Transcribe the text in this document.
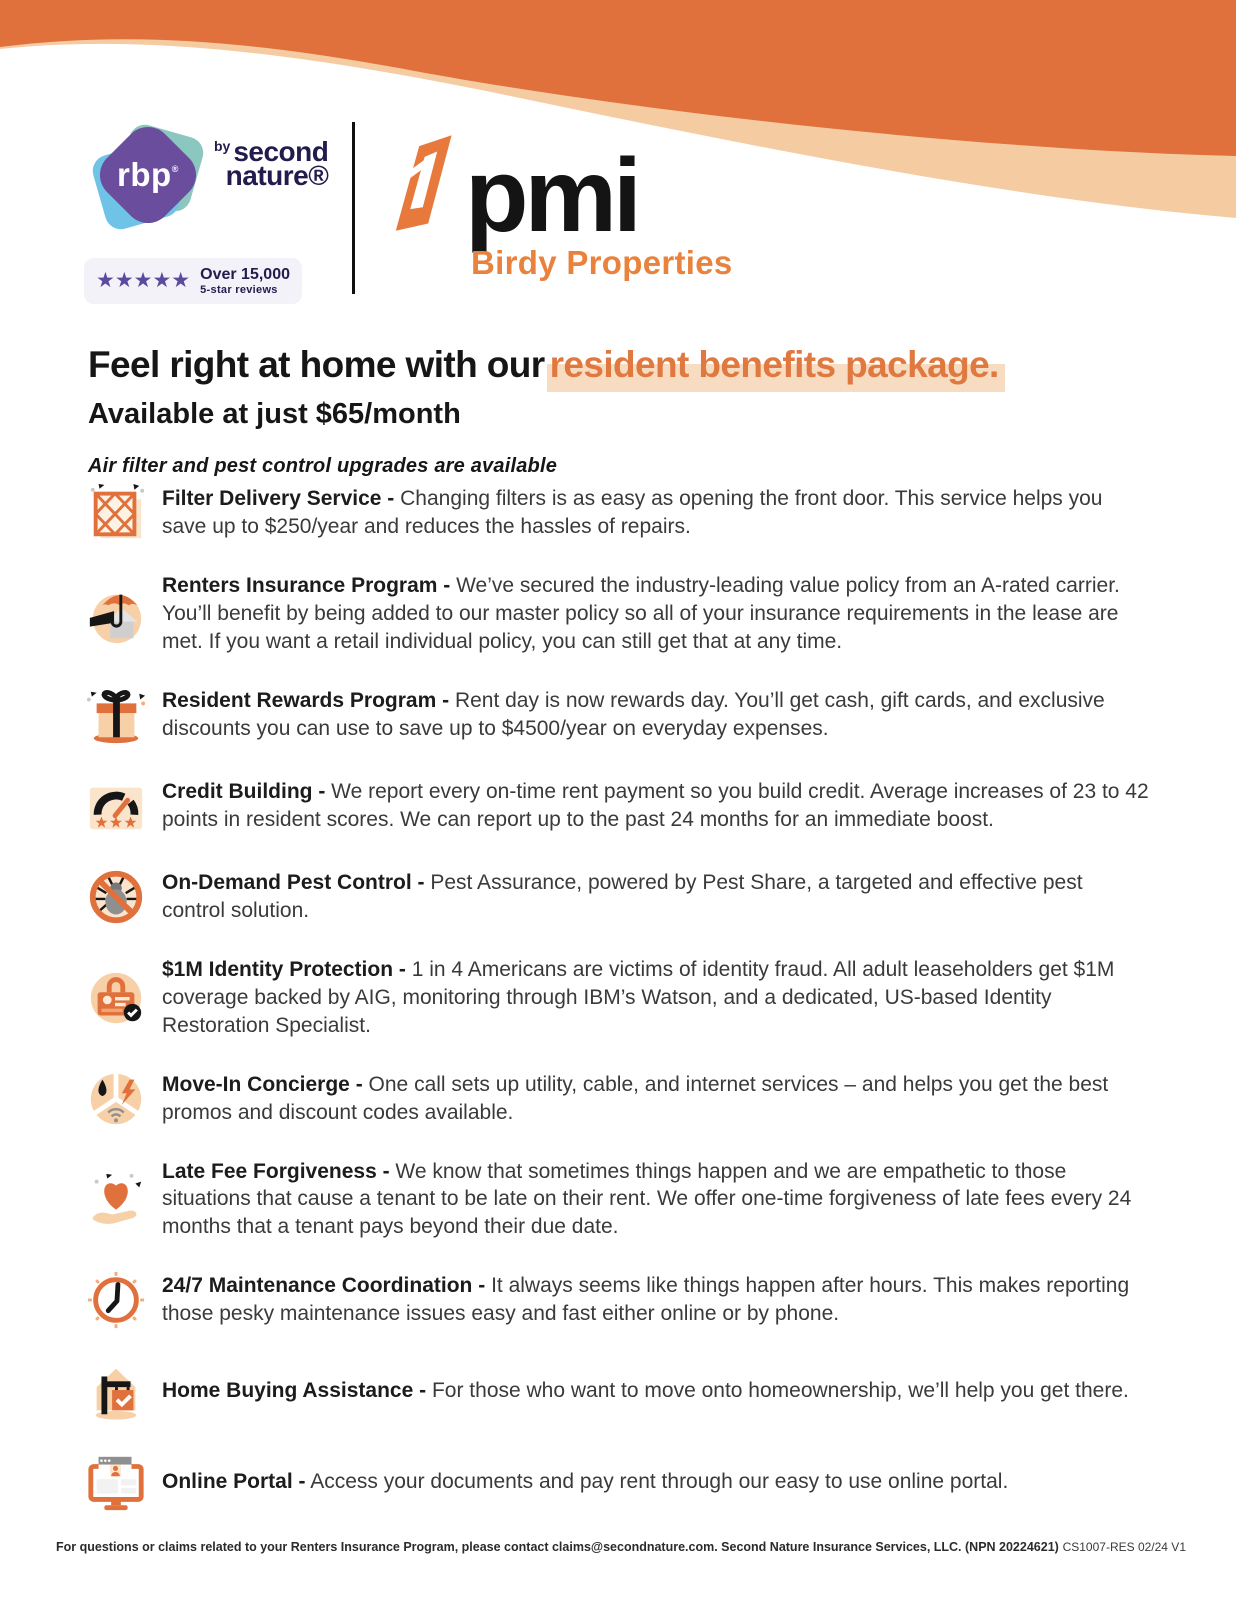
rbp®
by second
nature®
★★★★★ Over 15,000
5-star reviews
pmi
Birdy Properties
Feel right at home with our resident benefits package.
Available at just $65/month
Air filter and pest control upgrades are available

Filter Delivery Service - Changing filters is as easy as opening the front door. This service helps you save up to $250/year and reduces the hassles of repairs.

Renters Insurance Program - We’ve secured the industry-leading value policy from an A-rated carrier. You’ll benefit by being added to our master policy so all of your insurance requirements in the lease are met. If you want a retail individual policy, you can still get that at any time.

Resident Rewards Program - Rent day is now rewards day. You’ll get cash, gift cards, and exclusive discounts you can use to save up to $4500/year on everyday expenses.

Credit Building - We report every on-time rent payment so you build credit. Average increases of 23 to 42 points in resident scores. We can report up to the past 24 months for an immediate boost.

On-Demand Pest Control - Pest Assurance, powered by Pest Share, a targeted and effective pest control solution.

$1M Identity Protection - 1 in 4 Americans are victims of identity fraud. All adult leaseholders get $1M coverage backed by AIG, monitoring through IBM’s Watson, and a dedicated, US-based Identity Restoration Specialist.

Move-In Concierge - One call sets up utility, cable, and internet services – and helps you get the best promos and discount codes available.

Late Fee Forgiveness - We know that sometimes things happen and we are empathetic to those situations that cause a tenant to be late on their rent. We offer one-time forgiveness of late fees every 24 months that a tenant pays beyond their due date.

24/7 Maintenance Coordination - It always seems like things happen after hours. This makes reporting those pesky maintenance issues easy and fast either online or by phone.

Home Buying Assistance - For those who want to move onto homeownership, we’ll help you get there.

Online Portal - Access your documents and pay rent through our easy to use online portal.

For questions or claims related to your Renters Insurance Program, please contact claims@secondnature.com. Second Nature Insurance Services, LLC. (NPN 20224621) CS1007-RES 02/24 V1
